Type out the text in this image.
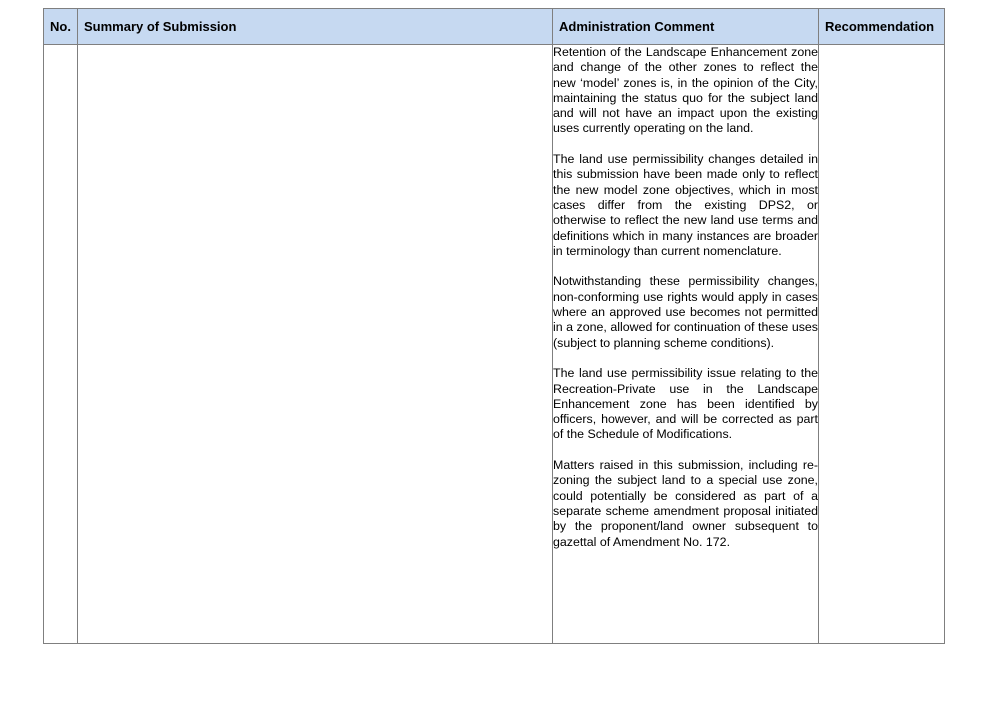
No.	Summary of Submission	Administration Comment	Recommendation

		Retention of the Landscape Enhancement zone and change of the other zones to reflect the new ‘model’ zones is, in the opinion of the City, maintaining the status quo for the subject land and will not have an impact upon the existing uses currently operating on the land.

The land use permissibility changes detailed in this submission have been made only to reflect the new model zone objectives, which in most cases differ from the existing DPS2, or otherwise to reflect the new land use terms and definitions which in many instances are broader in terminology than current nomenclature.

Notwithstanding these permissibility changes, non-conforming use rights would apply in cases where an approved use becomes not permitted in a zone, allowed for continuation of these uses (subject to planning scheme conditions).

The land use permissibility issue relating to the Recreation-Private use in the Landscape Enhancement zone has been identified by officers, however, and will be corrected as part of the Schedule of Modifications.

Matters raised in this submission, including re-zoning the subject land to a special use zone, could potentially be considered as part of a separate scheme amendment proposal initiated by the proponent/land owner subsequent to gazettal of Amendment No. 172.	
